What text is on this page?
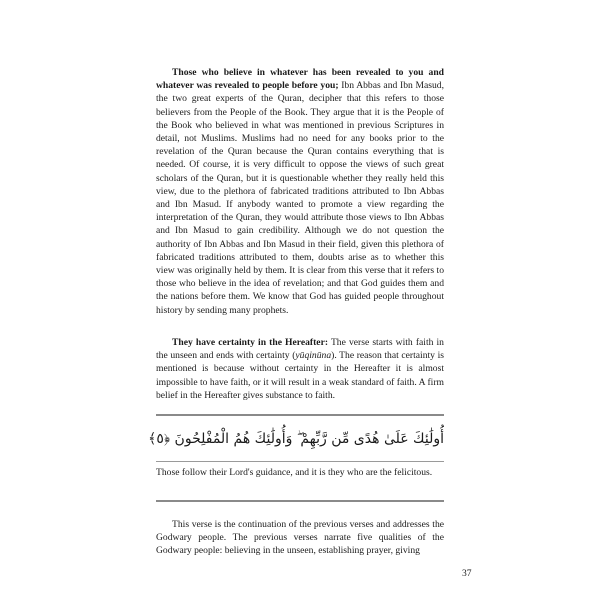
Those who believe in whatever has been revealed to you and whatever was revealed to people before you; Ibn Abbas and Ibn Masud, the two great experts of the Quran, decipher that this refers to those believers from the People of the Book. They argue that it is the People of the Book who believed in what was mentioned in previous Scriptures in detail, not Muslims. Muslims had no need for any books prior to the revelation of the Quran because the Quran contains everything that is needed. Of course, it is very difficult to oppose the views of such great scholars of the Quran, but it is questionable whether they really held this view, due to the plethora of fabricated traditions attributed to Ibn Abbas and Ibn Masud. If anybody wanted to promote a view regarding the interpretation of the Quran, they would attribute those views to Ibn Abbas and Ibn Masud to gain credibility. Although we do not question the authority of Ibn Abbas and Ibn Masud in their field, given this plethora of fabricated traditions attributed to them, doubts arise as to whether this view was originally held by them. It is clear from this verse that it refers to those who believe in the idea of revelation; and that God guides them and the nations before them. We know that God has guided people throughout history by sending many prophets.

They have certainty in the Hereafter: The verse starts with faith in the unseen and ends with certainty (yūqinūna). The reason that certainty is mentioned is because without certainty in the Hereafter it is almost impossible to have faith, or it will result in a weak standard of faith. A firm belief in the Hereafter gives substance to faith.

أُولَٰئِكَ عَلَىٰ هُدًى مِّن رَّبِّهِمْ ۖ وَأُولَٰئِكَ هُمُ الْمُفْلِحُونَ ﴿٥﴾

Those follow their Lord's guidance, and it is they who are the felicitous.

This verse is the continuation of the previous verses and addresses the Godwary people. The previous verses narrate five qualities of the Godwary people: believing in the unseen, establishing prayer, giving

37
